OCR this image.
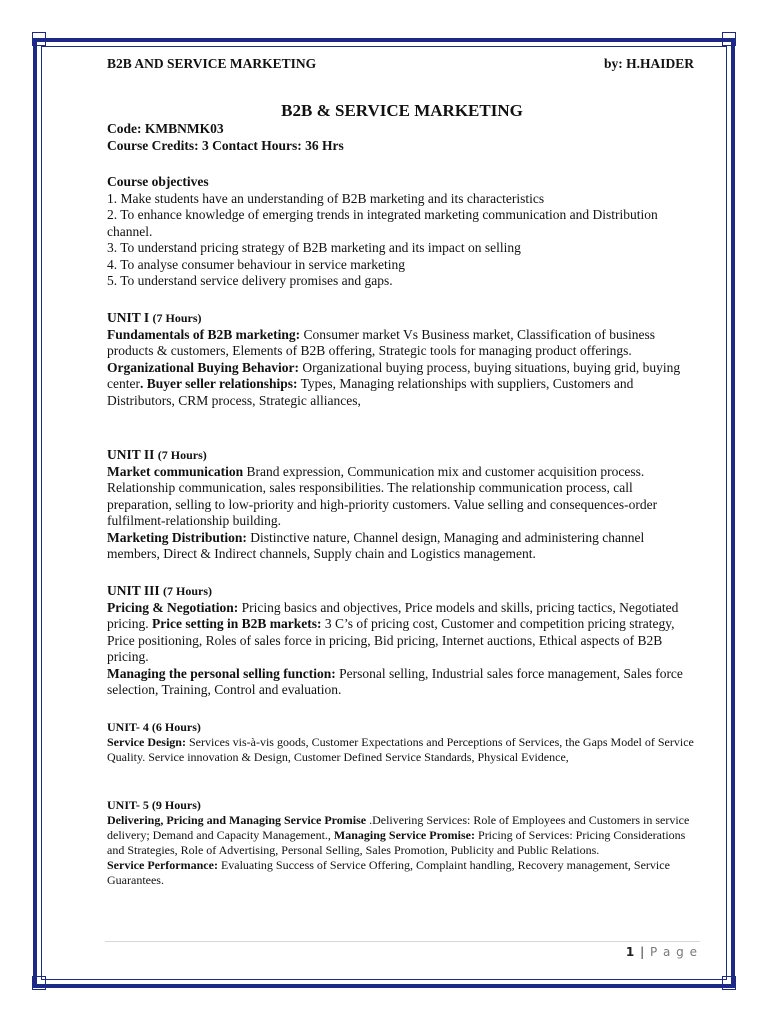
B2B AND SERVICE MARKETING	by: H.HAIDER
B2B & SERVICE MARKETING
Code: KMBNMK03
Course Credits: 3 Contact Hours: 36 Hrs
Course objectives
1. Make students have an understanding of B2B marketing and its characteristics
2. To enhance knowledge of emerging trends in integrated marketing communication and Distribution channel.
3. To understand pricing strategy of B2B marketing and its impact on selling
4. To analyse consumer behaviour in service marketing
5. To understand service delivery promises and gaps.
UNIT I (7 Hours)
Fundamentals of B2B marketing: Consumer market Vs Business market, Classification of business products & customers, Elements of B2B offering, Strategic tools for managing product offerings.
Organizational Buying Behavior: Organizational buying process, buying situations, buying grid, buying center. Buyer seller relationships: Types, Managing relationships with suppliers, Customers and Distributors, CRM process, Strategic alliances,
UNIT II (7 Hours)
Market communication Brand expression, Communication mix and customer acquisition process. Relationship communication, sales responsibilities. The relationship communication process, call preparation, selling to low-priority and high-priority customers. Value selling and consequences-order fulfilment-relationship building.
Marketing Distribution: Distinctive nature, Channel design, Managing and administering channel members, Direct & Indirect channels, Supply chain and Logistics management.
UNIT III (7 Hours)
Pricing & Negotiation: Pricing basics and objectives, Price models and skills, pricing tactics, Negotiated pricing. Price setting in B2B markets: 3 C’s of pricing cost, Customer and competition pricing strategy, Price positioning, Roles of sales force in pricing, Bid pricing, Internet auctions, Ethical aspects of B2B pricing.
Managing the personal selling function: Personal selling, Industrial sales force management, Sales force selection, Training, Control and evaluation.
UNIT- 4 (6 Hours)
Service Design: Services vis-à-vis goods, Customer Expectations and Perceptions of Services, the Gaps Model of Service Quality. Service innovation & Design, Customer Defined Service Standards, Physical Evidence,
UNIT- 5 (9 Hours)
Delivering, Pricing and Managing Service Promise .Delivering Services: Role of Employees and Customers in service delivery; Demand and Capacity Management., Managing Service Promise: Pricing of Services: Pricing Considerations and Strategies, Role of Advertising, Personal Selling, Sales Promotion, Publicity and Public Relations.
Service Performance: Evaluating Success of Service Offering, Complaint handling, Recovery management, Service Guarantees.
1 | P a g e
